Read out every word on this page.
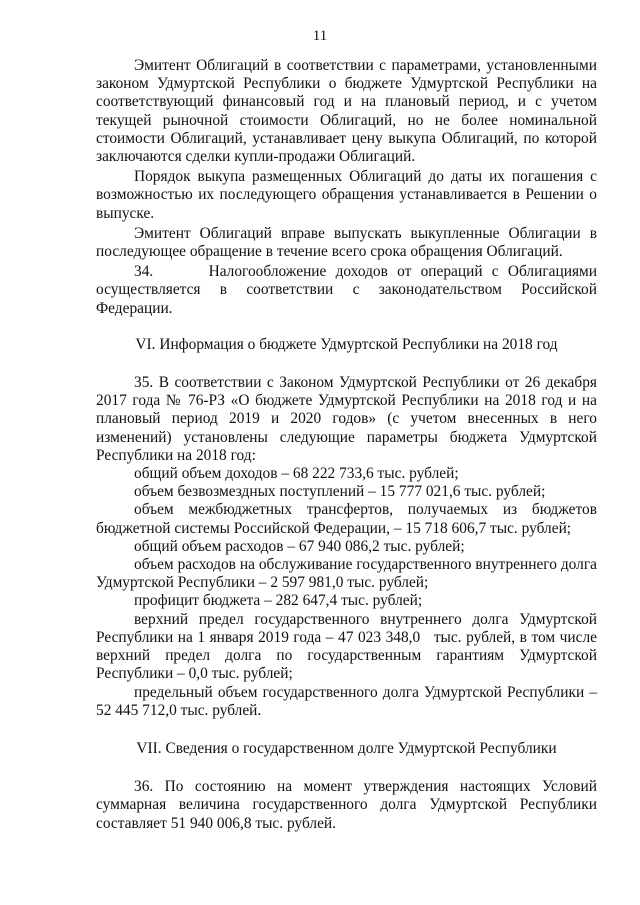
11

Эмитент Облигаций в соответствии с параметрами, установленными законом Удмуртской Республики о бюджете Удмуртской Республики на соответствующий финансовый год и на плановый период, и с учетом текущей рыночной стоимости Облигаций, но не более номинальной стоимости Облигаций, устанавливает цену выкупа Облигаций, по которой заключаются сделки купли-продажи Облигаций.

Порядок выкупа размещенных Облигаций до даты их погашения с возможностью их последующего обращения устанавливается в Решении о выпуске.

Эмитент Облигаций вправе выпускать выкупленные Облигации в последующее обращение в течение всего срока обращения Облигаций.

34.      Налогообложение доходов от операций с Облигациями осуществляется в соответствии с законодательством Российской Федерации.

VI. Информация о бюджете Удмуртской Республики на 2018 год

35. В соответствии с Законом Удмуртской Республики от 26 декабря 2017 года № 76-РЗ «О бюджете Удмуртской Республики на 2018 год и на плановый период 2019 и 2020 годов» (с учетом внесенных в него изменений) установлены следующие параметры бюджета Удмуртской Республики на 2018 год:

общий объем доходов – 68 222 733,6 тыс. рублей;

объем безвозмездных поступлений – 15 777 021,6 тыс. рублей;

объем межбюджетных трансфертов, получаемых из бюджетов бюджетной системы Российской Федерации, – 15 718 606,7 тыс. рублей;

общий объем расходов – 67 940 086,2 тыс. рублей;

объем расходов на обслуживание государственного внутреннего долга Удмуртской Республики – 2 597 981,0 тыс. рублей;

профицит бюджета – 282 647,4 тыс. рублей;

верхний предел государственного внутреннего долга Удмуртской Республики на 1 января 2019 года – 47 023 348,0   тыс. рублей, в том числе верхний предел долга по государственным гарантиям Удмуртской Республики – 0,0 тыс. рублей;

предельный объем государственного долга Удмуртской Республики – 52 445 712,0 тыс. рублей.

VII. Сведения о государственном долге Удмуртской Республики

36. По состоянию на момент утверждения настоящих Условий суммарная величина государственного долга Удмуртской Республики составляет 51 940 006,8 тыс. рублей.
